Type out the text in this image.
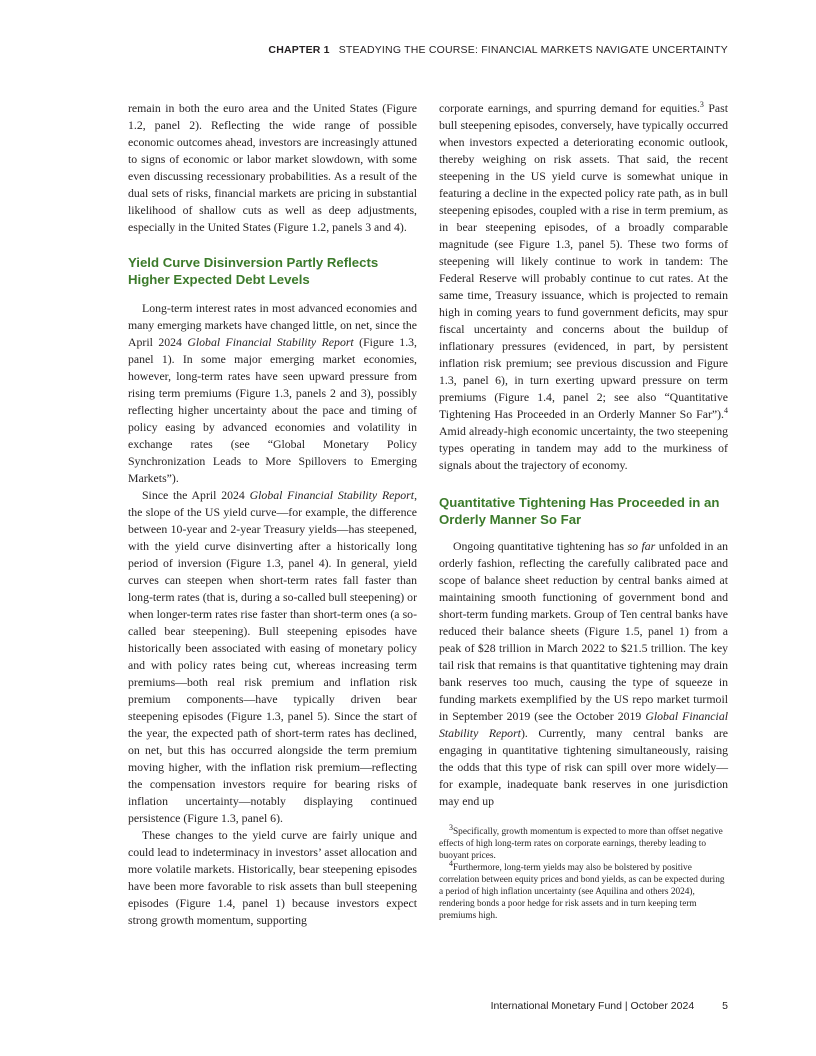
CHAPTER 1 STEADYING THE COURSE: FINANCIAL MARKETS NAVIGATE UNCERTAINTY

remain in both the euro area and the United States (Figure 1.2, panel 2). Reflecting the wide range of possible economic outcomes ahead, investors are increasingly attuned to signs of economic or labor market slowdown, with some even discussing recessionary probabilities. As a result of the dual sets of risks, financial markets are pricing in substantial likelihood of shallow cuts as well as deep adjustments, especially in the United States (Figure 1.2, panels 3 and 4).

Yield Curve Disinversion Partly Reflects Higher Expected Debt Levels

Long-term interest rates in most advanced economies and many emerging markets have changed little, on net, since the April 2024 Global Financial Stability Report (Figure 1.3, panel 1). In some major emerging market economies, however, long-term rates have seen upward pressure from rising term premiums (Figure 1.3, panels 2 and 3), possibly reflecting higher uncertainty about the pace and timing of policy easing by advanced economies and volatility in exchange rates (see “Global Monetary Policy Synchronization Leads to More Spillovers to Emerging Markets”).

Since the April 2024 Global Financial Stability Report, the slope of the US yield curve—for example, the difference between 10-year and 2-year Treasury yields—has steepened, with the yield curve disinverting after a historically long period of inversion (Figure 1.3, panel 4). In general, yield curves can steepen when short-term rates fall faster than long-term rates (that is, during a so-called bull steepening) or when longer-term rates rise faster than short-term ones (a so-called bear steepening). Bull steepening episodes have historically been associated with easing of monetary policy and with policy rates being cut, whereas increasing term premiums—both real risk premium and inflation risk premium components—have typically driven bear steepening episodes (Figure 1.3, panel 5). Since the start of the year, the expected path of short-term rates has declined, on net, but this has occurred alongside the term premium moving higher, with the inflation risk premium—reflecting the compensation investors require for bearing risks of inflation uncertainty—notably displaying continued persistence (Figure 1.3, panel 6).

These changes to the yield curve are fairly unique and could lead to indeterminacy in investors’ asset allocation and more volatile markets. Historically, bear steepening episodes have been more favorable to risk assets than bull steepening episodes (Figure 1.4, panel 1) because investors expect strong growth momentum, supporting

corporate earnings, and spurring demand for equities.$^3$ Past bull steepening episodes, conversely, have typically occurred when investors expected a deteriorating economic outlook, thereby weighing on risk assets. That said, the recent steepening in the US yield curve is somewhat unique in featuring a decline in the expected policy rate path, as in bull steepening episodes, coupled with a rise in term premium, as in bear steepening episodes, of a broadly comparable magnitude (see Figure 1.3, panel 5). These two forms of steepening will likely continue to work in tandem: The Federal Reserve will probably continue to cut rates. At the same time, Treasury issuance, which is projected to remain high in coming years to fund government deficits, may spur fiscal uncertainty and concerns about the buildup of inflationary pressures (evidenced, in part, by persistent inflation risk premium; see previous discussion and Figure 1.3, panel 6), in turn exerting upward pressure on term premiums (Figure 1.4, panel 2; see also “Quantitative Tightening Has Proceeded in an Orderly Manner So Far”).$^4$ Amid already-high economic uncertainty, the two steepening types operating in tandem may add to the murkiness of signals about the trajectory of economy.

Quantitative Tightening Has Proceeded in an Orderly Manner So Far

Ongoing quantitative tightening has so far unfolded in an orderly fashion, reflecting the carefully calibrated pace and scope of balance sheet reduction by central banks aimed at maintaining smooth functioning of government bond and short-term funding markets. Group of Ten central banks have reduced their balance sheets (Figure 1.5, panel 1) from a peak of $28 trillion in March 2022 to $21.5 trillion. The key tail risk that remains is that quantitative tightening may drain bank reserves too much, causing the type of squeeze in funding markets exemplified by the US repo market turmoil in September 2019 (see the October 2019 Global Financial Stability Report). Currently, many central banks are engaging in quantitative tightening simultaneously, raising the odds that this type of risk can spill over more widely—for example, inadequate bank reserves in one jurisdiction may end up

$^3$Specifically, growth momentum is expected to more than offset negative effects of high long-term rates on corporate earnings, thereby leading to buoyant prices.

$^4$Furthermore, long-term yields may also be bolstered by positive correlation between equity prices and bond yields, as can be expected during a period of high inflation uncertainty (see Aquilina and others 2024), rendering bonds a poor hedge for risk assets and in turn keeping term premiums high.

International Monetary Fund | October 2024	5
